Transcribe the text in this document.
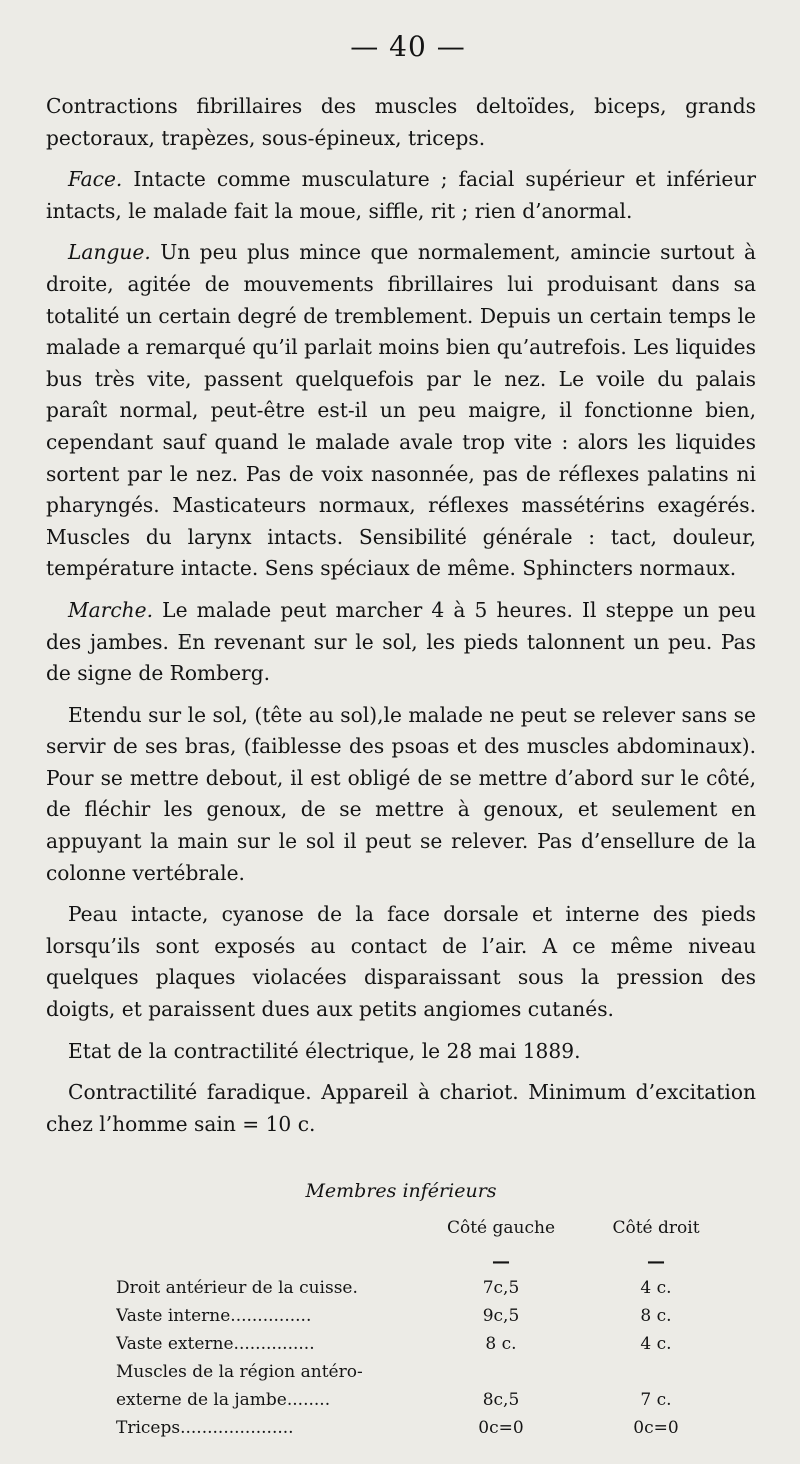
— 40 —

Contractions fibrillaires des muscles deltoïdes, biceps, grands pectoraux, trapèzes, sous-épineux, triceps.

Face. Intacte comme musculature ; facial supérieur et inférieur intacts, le malade fait la moue, siffle, rit ; rien d’anormal.

Langue. Un peu plus mince que normalement, amincie surtout à droite, agitée de mouvements fibrillaires lui produisant dans sa totalité un certain degré de tremblement. Depuis un certain temps le malade a remarqué qu’il parlait moins bien qu’autrefois. Les liquides bus très vite, passent quelquefois par le nez. Le voile du palais paraît normal, peut-être est-il un peu maigre, il fonctionne bien, cependant sauf quand le malade avale trop vite : alors les liquides sortent par le nez. Pas de voix nasonnée, pas de réflexes palatins ni pharyngés. Masticateurs normaux, réflexes massétérins exagérés. Muscles du larynx intacts. Sensibilité générale : tact, douleur, température intacte. Sens spéciaux de même. Sphincters normaux.

Marche. Le malade peut marcher 4 à 5 heures. Il steppe un peu des jambes. En revenant sur le sol, les pieds talonnent un peu. Pas de signe de Romberg.

Etendu sur le sol, (tête au sol),le malade ne peut se relever sans se servir de ses bras, (faiblesse des psoas et des muscles abdominaux). Pour se mettre debout, il est obligé de se mettre d’abord sur le côté, de fléchir les genoux, de se mettre à genoux, et seulement en appuyant la main sur le sol il peut se relever. Pas d’ensellure de la colonne vertébrale.

Peau intacte, cyanose de la face dorsale et interne des pieds lorsqu’ils sont exposés au contact de l’air. A ce même niveau quelques plaques violacées disparaissant sous la pression des doigts, et paraissent dues aux petits angiomes cutanés.

Etat de la contractilité électrique, le 28 mai 1889.

Contractilité faradique. Appareil à chariot. Minimum d’excitation chez l’homme sain = 10 c.

Membres inférieurs
	Côté gauche	Côté droit
	—	—
Droit antérieur de la cuisse.	7c,5	4 c.
Vaste interne...............	9c,5	8 c.
Vaste externe...............	8 c.	4 c.
Muscles de la région antéro-		
externe de la jambe........	8c,5	7 c.
Triceps.....................	0c=0	0c=0
